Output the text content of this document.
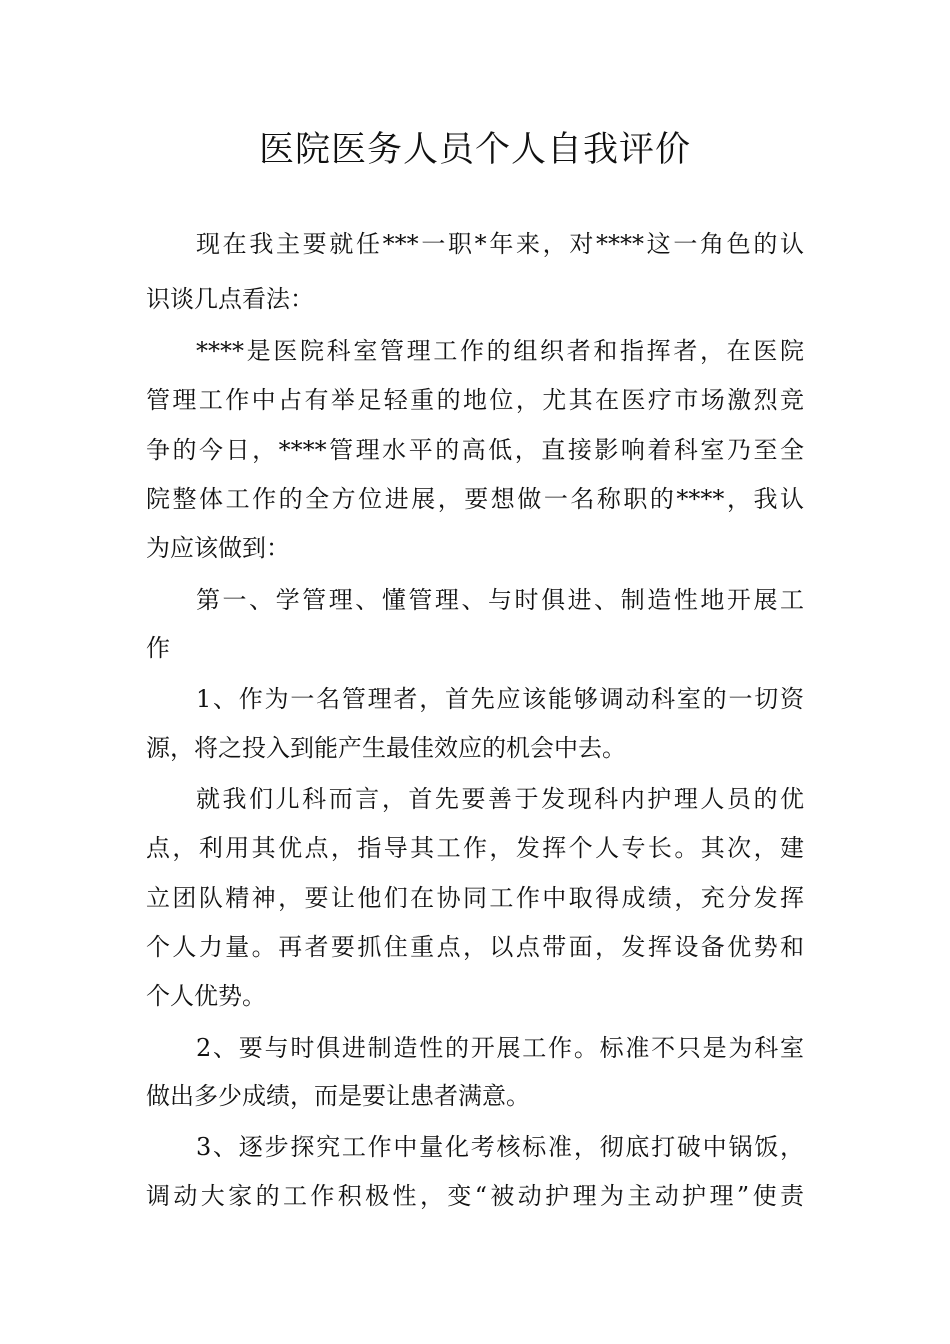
医院医务人员个人自我评价

现在我主要就任***一职*年来，对****这一角色的认

识谈几点看法：

****是医院科室管理工作的组织者和指挥者，在医院

管理工作中占有举足轻重的地位，尤其在医疗市场激烈竞

争的今日，****管理水平的高低，直接影响着科室乃至全

院整体工作的全方位进展，要想做一名称职的****，我认

为应该做到：

第一、学管理、懂管理、与时俱进、制造性地开展工

作

1、作为一名管理者，首先应该能够调动科室的一切资

源，将之投入到能产生最佳效应的机会中去。

就我们儿科而言，首先要善于发现科内护理人员的优

点，利用其优点，指导其工作，发挥个人专长。其次，建

立团队精神，要让他们在协同工作中取得成绩，充分发挥

个人力量。再者要抓住重点，以点带面，发挥设备优势和

个人优势。

2、要与时俱进制造性的开展工作。标准不只是为科室

做出多少成绩，而是要让患者满意。

3、逐步探究工作中量化考核标准，彻底打破中锅饭，

调动大家的工作积极性，变“被动护理为主动护理”使责
